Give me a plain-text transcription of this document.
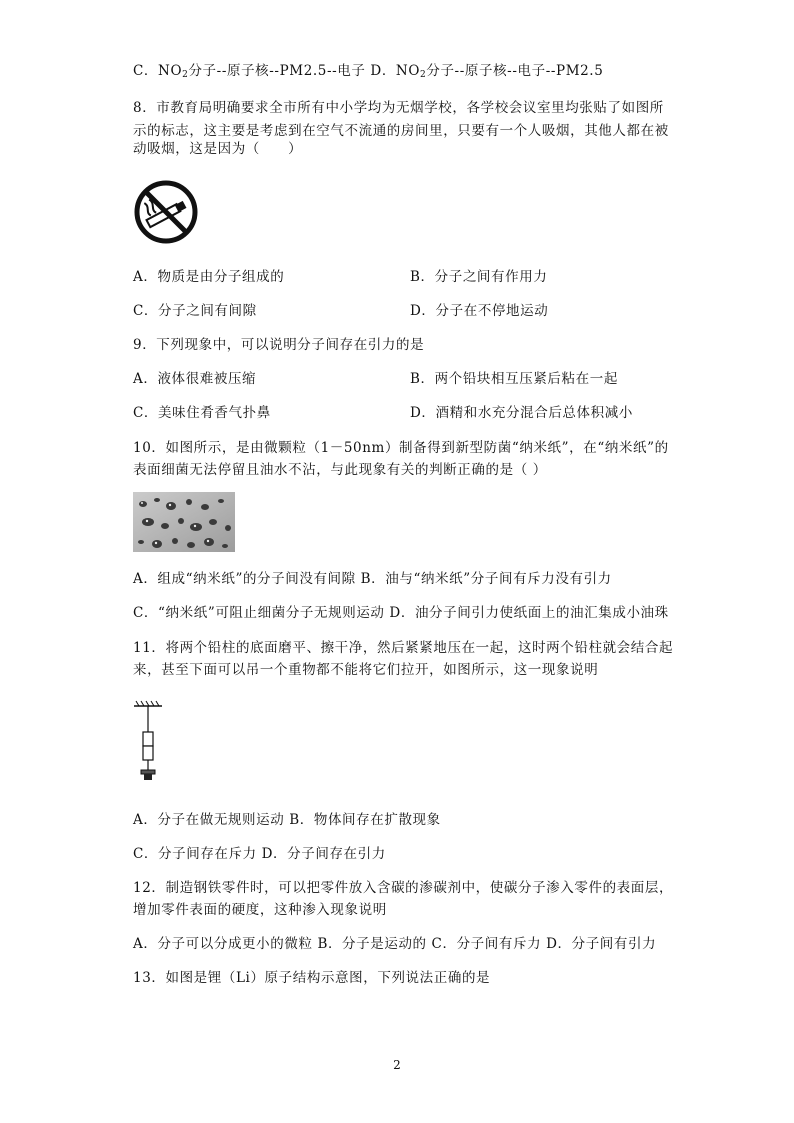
C．$NO_2$分子--原子核--PM2.5--电子 D．$NO_2$分子--原子核--电子--PM2.5
8．市教育局明确要求全市所有中小学均为无烟学校，各学校会议室里均张贴了如图所
示的标志，这主要是考虑到在空气不流通的房间里，只要有一个人吸烟，其他人都在被
动吸烟，这是因为（　　）
A．物质是由分子组成的	B．分子之间有作用力
C．分子之间有间隙	D．分子在不停地运动
9．下列现象中，可以说明分子间存在引力的是
A．液体很难被压缩	B．两个铅块相互压紧后粘在一起
C．美味住肴香气扑鼻	D．酒精和水充分混合后总体积减小
10．如图所示，是由微颗粒（1－50nm）制备得到新型防菌“纳米纸”，在“纳米纸”的
表面细菌无法停留且油水不沾，与此现象有关的判断正确的是（ ）
A．组成“纳米纸”的分子间没有间隙 B．油与“纳米纸”分子间有斥力没有引力
C．“纳米纸”可阻止细菌分子无规则运动 D．油分子间引力使纸面上的油汇集成小油珠
11．将两个铅柱的底面磨平、擦干净，然后紧紧地压在一起，这时两个铅柱就会结合起
来，甚至下面可以吊一个重物都不能将它们拉开，如图所示，这一现象说明
A．分子在做无规则运动 B．物体间存在扩散现象
C．分子间存在斥力 D．分子间存在引力
12．制造钢铁零件时，可以把零件放入含碳的渗碳剂中，使碳分子渗入零件的表面层，
增加零件表面的硬度，这种渗入现象说明
A．分子可以分成更小的微粒 B．分子是运动的 C．分子间有斥力 D．分子间有引力
13．如图是锂（Li）原子结构示意图，下列说法正确的是
2
